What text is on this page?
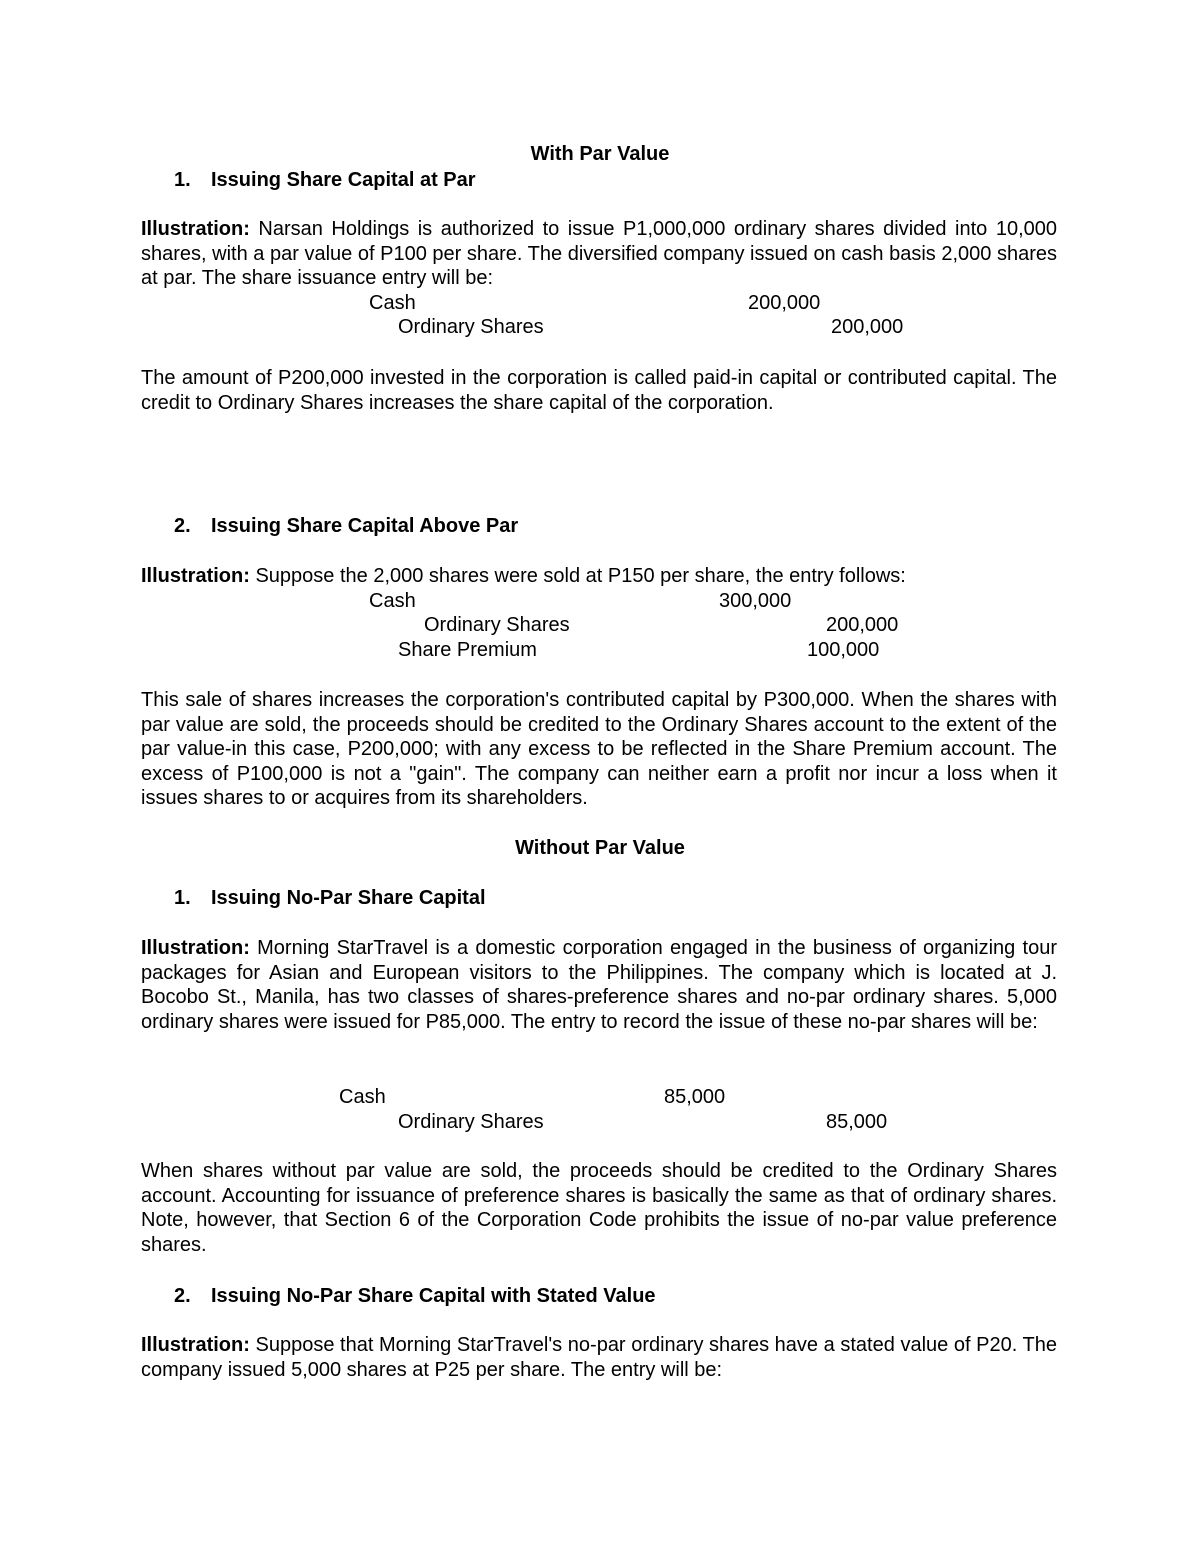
With Par Value
1. Issuing Share Capital at Par

Illustration: Narsan Holdings is authorized to issue P1,000,000 ordinary shares divided into 10,000 shares, with a par value of P100 per share. The diversified company issued on cash basis 2,000 shares at par. The share issuance entry will be:

Cash	200,000
Ordinary Shares	200,000

The amount of P200,000 invested in the corporation is called paid-in capital or contributed capital. The credit to Ordinary Shares increases the share capital of the corporation.

2. Issuing Share Capital Above Par

Illustration: Suppose the 2,000 shares were sold at P150 per share, the entry follows:

Cash	300,000
Ordinary Shares	200,000
Share Premium	100,000

This sale of shares increases the corporation's contributed capital by P300,000. When the shares with par value are sold, the proceeds should be credited to the Ordinary Shares account to the extent of the par value-in this case, P200,000; with any excess to be reflected in the Share Premium account. The excess of P100,000 is not a "gain". The company can neither earn a profit nor incur a loss when it issues shares to or acquires from its shareholders.

Without Par Value
1. Issuing No-Par Share Capital

Illustration: Morning StarTravel is a domestic corporation engaged in the business of organizing tour packages for Asian and European visitors to the Philippines. The company which is located at J. Bocobo St., Manila, has two classes of shares-preference shares and no-par ordinary shares. 5,000 ordinary shares were issued for P85,000. The entry to record the issue of these no-par shares will be:

Cash	85,000
Ordinary Shares	85,000

When shares without par value are sold, the proceeds should be credited to the Ordinary Shares account. Accounting for issuance of preference shares is basically the same as that of ordinary shares. Note, however, that Section 6 of the Corporation Code prohibits the issue of no-par value preference shares.

2. Issuing No-Par Share Capital with Stated Value

Illustration: Suppose that Morning StarTravel's no-par ordinary shares have a stated value of P20. The company issued 5,000 shares at P25 per share. The entry will be:
